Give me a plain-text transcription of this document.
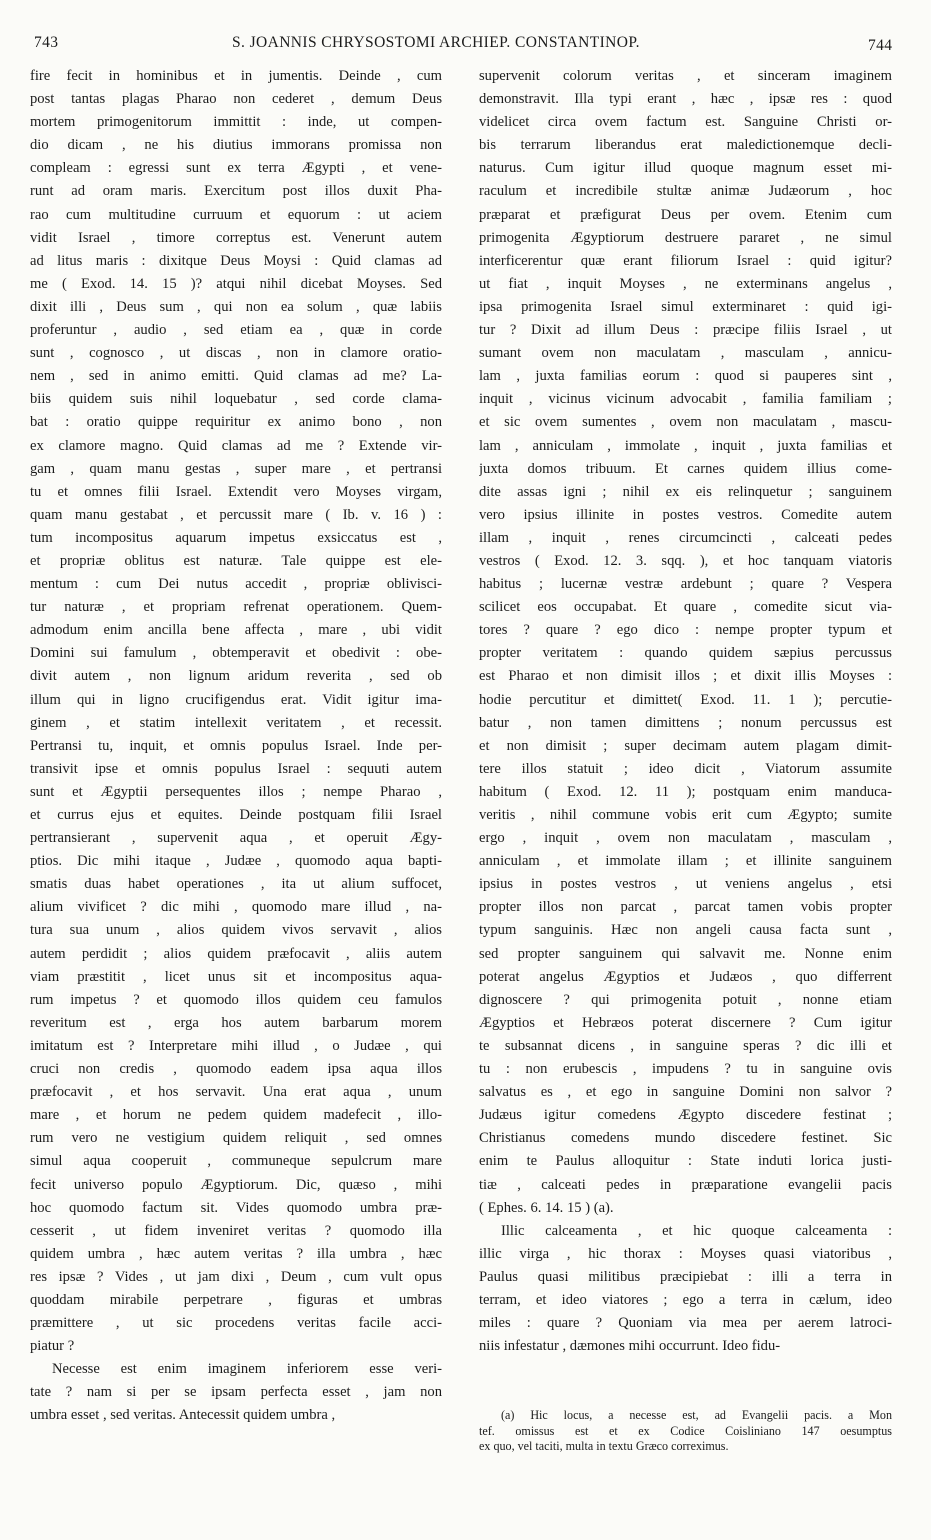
743	S. JOANNIS CHRYSOSTOMI ARCHIEP. CONSTANTINOP.	744
fire fecit in hominibus et in jumentis. Deinde , cum
post tantas plagas Pharao non cederet , demum Deus
mortem primogenitorum immittit : inde, ut compen-
dio dicam , ne his diutius immorans promissa non
compleam : egressi sunt ex terra Ægypti , et vene-
runt ad oram maris. Exercitum post illos duxit Pha-
rao cum multitudine curruum et equorum : ut aciem
vidit Israel , timore correptus est. Venerunt autem
ad litus maris : dixitque Deus Moysi : Quid clamas ad
me ( Exod. 14. 15 )? atqui nihil dicebat Moyses. Sed
dixit illi , Deus sum , qui non ea solum , quæ labiis
proferuntur , audio , sed etiam ea , quæ in corde
sunt , cognosco , ut discas , non in clamore oratio-
nem , sed in animo emitti. Quid clamas ad me? La-
biis quidem suis nihil loquebatur , sed corde clama-
bat : oratio quippe requiritur ex animo bono , non
ex clamore magno. Quid clamas ad me ? Extende vir-
gam , quam manu gestas , super mare , et pertransi
tu et omnes filii Israel. Extendit vero Moyses virgam,
quam manu gestabat , et percussit mare ( Ib. v. 16 ) :
tum incompositus aquarum impetus exsiccatus est ,
et propriæ oblitus est naturæ. Tale quippe est ele-
mentum : cum Dei nutus accedit , propriæ oblivisci-
tur naturæ , et propriam refrenat operationem. Quem-
admodum enim ancilla bene affecta , mare , ubi vidit
Domini sui famulum , obtemperavit et obedivit : obe-
divit autem , non lignum aridum reverita , sed ob
illum qui in ligno crucifigendus erat. Vidit igitur ima-
ginem , et statim intellexit veritatem , et recessit.
Pertransi tu, inquit, et omnis populus Israel. Inde per-
transivit ipse et omnis populus Israel : sequuti autem
sunt et Ægyptii persequentes illos ; nempe Pharao ,
et currus ejus et equites. Deinde postquam filii Israel
pertransierant , supervenit aqua , et operuit Ægy-
ptios. Dic mihi itaque , Judæe , quomodo aqua bapti-
smatis duas habet operationes , ita ut alium suffocet,
alium vivificet ? dic mihi , quomodo mare illud , na-
tura sua unum , alios quidem vivos servavit , alios
autem perdidit ; alios quidem præfocavit , aliis autem
viam præstitit , licet unus sit et incompositus aqua-
rum impetus ? et quomodo illos quidem ceu famulos
reveritum est , erga hos autem barbarum morem
imitatum est ? Interpretare mihi illud , o Judæe , qui
cruci non credis , quomodo eadem ipsa aqua illos
præfocavit , et hos servavit. Una erat aqua , unum
mare , et horum ne pedem quidem madefecit , illo-
rum vero ne vestigium quidem reliquit , sed omnes
simul aqua cooperuit , communeque sepulcrum mare
fecit universo populo Ægyptiorum. Dic, quæso , mihi
hoc quomodo factum sit. Vides quomodo umbra præ-
cesserit , ut fidem inveniret veritas ? quomodo illa
quidem umbra , hæc autem veritas ? illa umbra , hæc
res ipsæ ? Vides , ut jam dixi , Deum , cum vult opus
quoddam mirabile perpetrare , figuras et umbras
præmittere , ut sic procedens veritas facile acci-
piatur ?
Necesse est enim imaginem inferiorem esse veri-
tate ? nam si per se ipsam perfecta esset , jam non
umbra esset , sed veritas. Antecessit quidem umbra ,
supervenit colorum veritas , et sinceram imaginem
demonstravit. Illa typi erant , hæc , ipsæ res : quod
videlicet circa ovem factum est. Sanguine Christi or-
bis terrarum liberandus erat maledictionemque decli-
naturus. Cum igitur illud quoque magnum esset mi-
raculum et incredibile stultæ animæ Judæorum , hoc
præparat et præfigurat Deus per ovem. Etenim cum
primogenita Ægyptiorum destruere pararet , ne simul
interficerentur quæ erant filiorum Israel : quid igitur?
ut fiat , inquit Moyses , ne exterminans angelus ,
ipsa primogenita Israel simul exterminaret : quid igi-
tur ? Dixit ad illum Deus : præcipe filiis Israel , ut
sumant ovem non maculatam , masculam , annicu-
lam , juxta familias eorum : quod si pauperes sint ,
inquit , vicinus vicinum advocabit , familia familiam ;
et sic ovem sumentes , ovem non maculatam , mascu-
lam , anniculam , immolate , inquit , juxta familias et
juxta domos tribuum. Et carnes quidem illius come-
dite assas igni ; nihil ex eis relinquetur ; sanguinem
vero ipsius illinite in postes vestros. Comedite autem
illam , inquit , renes circumcincti , calceati pedes
vestros ( Exod. 12. 3. sqq. ), et hoc tanquam viatoris
habitus ; lucernæ vestræ ardebunt ; quare ? Vespera
scilicet eos occupabat. Et quare , comedite sicut via-
tores ? quare ? ego dico : nempe propter typum et
propter veritatem : quando quidem sæpius percussus
est Pharao et non dimisit illos ; et dixit illis Moyses :
hodie percutitur et dimittet( Exod. 11. 1 ); percutie-
batur , non tamen dimittens ; nonum percussus est
et non dimisit ; super decimam autem plagam dimit-
tere illos statuit ; ideo dicit , Viatorum assumite
habitum ( Exod. 12. 11 ); postquam enim manduca-
veritis , nihil commune vobis erit cum Ægypto; sumite
ergo , inquit , ovem non maculatam , masculam ,
anniculam , et immolate illam ; et illinite sanguinem
ipsius in postes vestros , ut veniens angelus , etsi
propter illos non parcat , parcat tamen vobis propter
typum sanguinis. Hæc non angeli causa facta sunt ,
sed propter sanguinem qui salvavit me. Nonne enim
poterat angelus Ægyptios et Judæos , quo differrent
dignoscere ? qui primogenita potuit , nonne etiam
Ægyptios et Hebræos poterat discernere ? Cum igitur
te subsannat dicens , in sanguine speras ? dic illi et
tu : non erubescis , impudens ? tu in sanguine ovis
salvatus es , et ego in sanguine Domini non salvor ?
Judæus igitur comedens Ægypto discedere festinat ;
Christianus comedens mundo discedere festinet. Sic
enim te Paulus alloquitur : State induti lorica justi-
tiæ , calceati pedes in præparatione evangelii pacis
( Ephes. 6. 14. 15 ) (a).
Illic calceamenta , et hic quoque calceamenta :
illic virga , hic thorax : Moyses quasi viatoribus ,
Paulus quasi militibus præcipiebat : illi a terra in
terram, et ideo viatores ; ego a terra in cælum, ideo
miles : quare ? Quoniam via mea per aerem latroci-
niis infestatur , dæmones mihi occurrunt. Ideo fidu-
(a) Hic locus, a necesse est, ad Evangelii pacis. a Mon
tef. omissus est et ex Codice Coisliniano 147 oesumptus
ex quo, vel taciti, multa in textu Græco correximus.
